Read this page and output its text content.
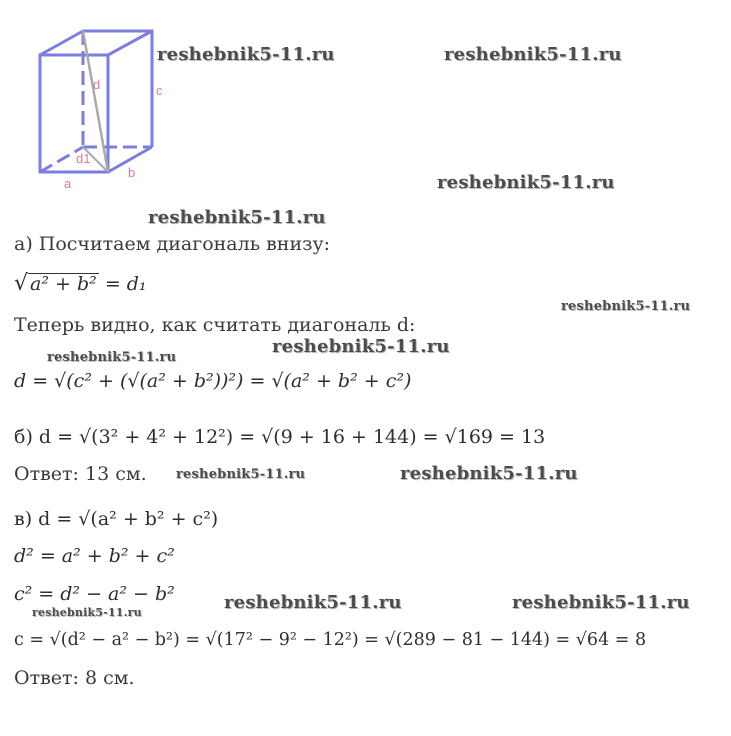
d	c
d1
a
b
reshebnik5-11.ru	reshebnik5-11.ru
reshebnik5-11.ru
reshebnik5-11.ru
reshebnik5-11.ru
reshebnik5-11.ru
reshebnik5-11.ru
reshebnik5-11.ru	reshebnik5-11.ru
reshebnik5-11.ru	reshebnik5-11.ru
reshebnik5-11.ru
а) Посчитаем диагональ внизу:
√ a² + b² = d₁
Теперь видно, как считать диагональ d:
d = √(c² + (√(a² + b²))²) = √(a² + b² + c²)
б) d = √(3² + 4² + 12²) = √(9 + 16 + 144) = √169 = 13
Ответ: 13 см.
в) d = √(a² + b² + c²)
d² = a² + b² + c²
c² = d² − a² − b²
c = √(d² − a² − b²) = √(17² − 9² − 12²) = √(289 − 81 − 144) = √64 = 8
Ответ: 8 см.
